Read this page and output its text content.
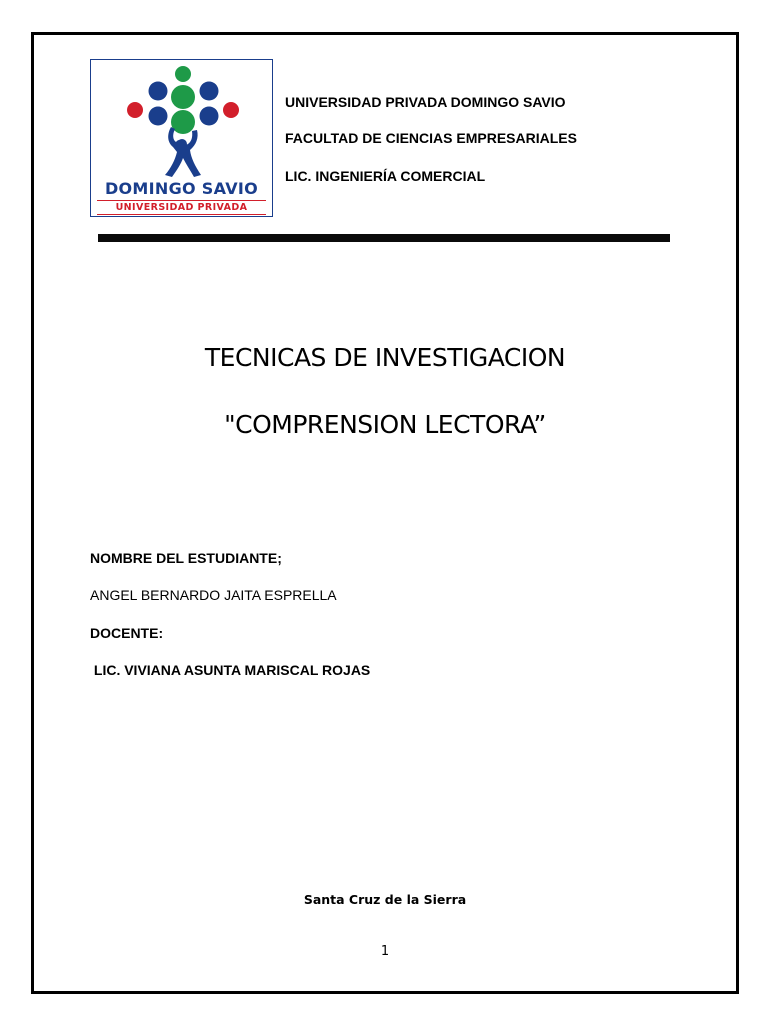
DOMINGO SAVIO
UNIVERSIDAD PRIVADA
UNIVERSIDAD PRIVADA DOMINGO SAVIO
FACULTAD DE CIENCIAS EMPRESARIALES
LIC. INGENIERÍA COMERCIAL
TECNICAS DE INVESTIGACION
"COMPRENSION LECTORA”
NOMBRE DEL ESTUDIANTE;
ANGEL BERNARDO JAITA ESPRELLA
DOCENTE:
LIC. VIVIANA ASUNTA MARISCAL ROJAS
Santa Cruz de la Sierra
1
